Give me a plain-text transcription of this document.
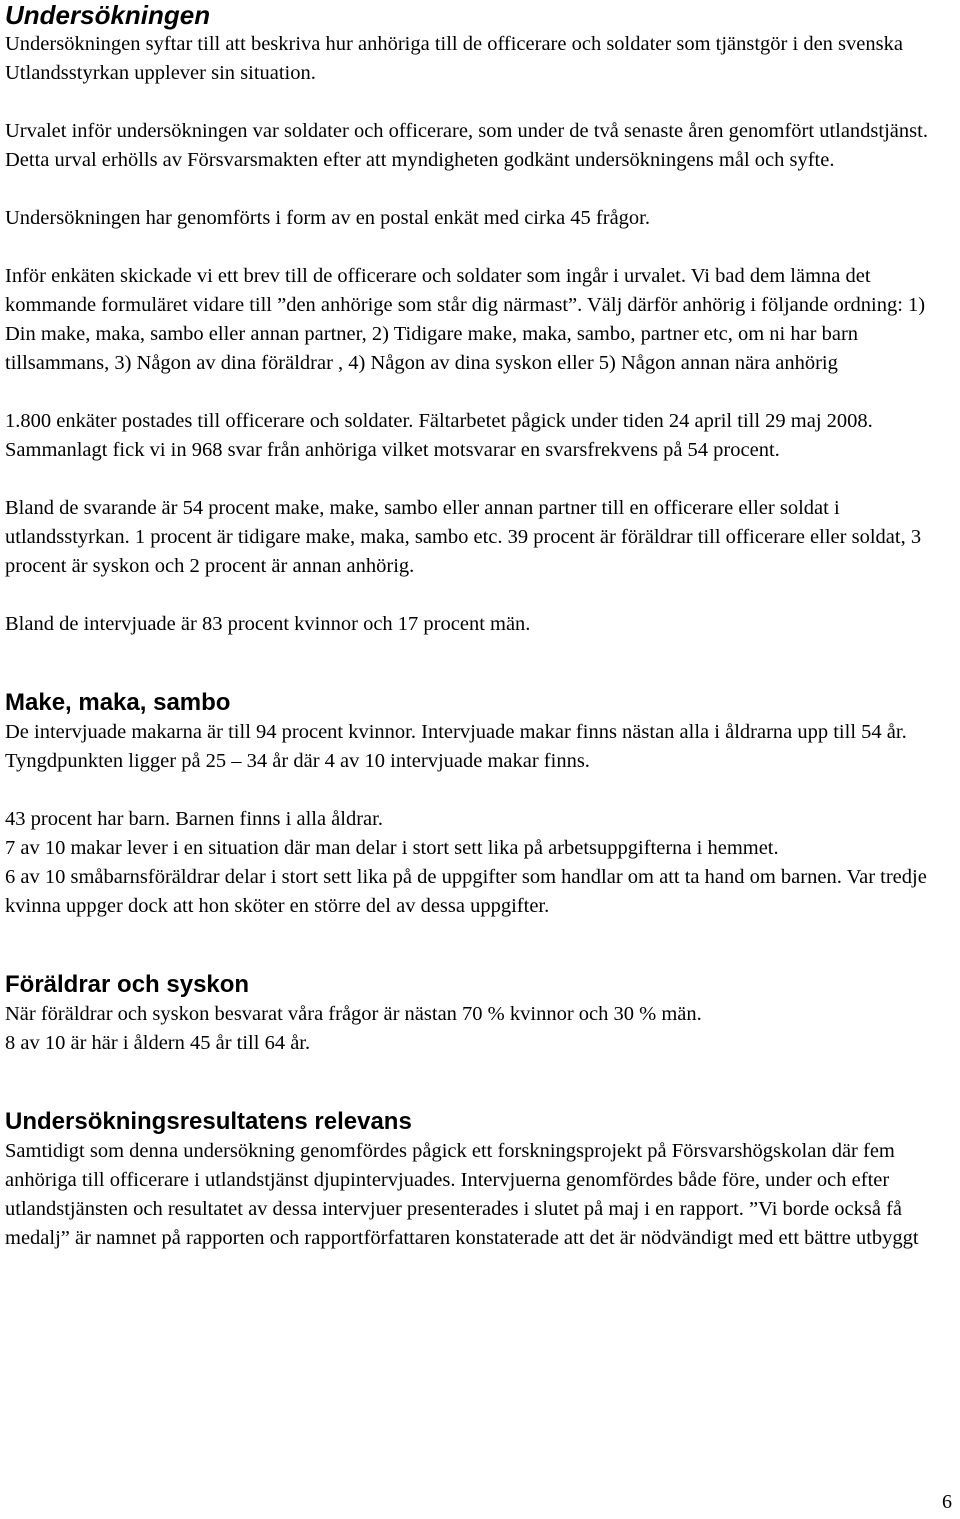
Undersökningen
Undersökningen syftar till att beskriva hur anhöriga till de officerare och soldater som tjänstgör i den svenska Utlandsstyrkan upplever sin situation.
Urvalet inför undersökningen var soldater och officerare, som under de två senaste åren genomfört utlandstjänst. Detta urval erhölls av Försvarsmakten efter att myndigheten godkänt undersökningens mål och syfte.
Undersökningen har genomförts i form av en postal enkät med cirka 45 frågor.
Inför enkäten skickade vi ett brev till de officerare och soldater som ingår i urvalet. Vi bad dem lämna det kommande formuläret vidare till ”den anhörige som står dig närmast”. Välj därför anhörig i följande ordning: 1) Din make, maka, sambo eller annan partner, 2) Tidigare make, maka, sambo, partner etc, om ni har barn tillsammans, 3) Någon av dina föräldrar , 4) Någon av dina syskon eller 5) Någon annan nära anhörig
1.800 enkäter postades till officerare och soldater. Fältarbetet pågick under tiden 24 april till 29 maj 2008. Sammanlagt fick vi in 968 svar från anhöriga vilket motsvarar en svarsfrekvens på 54 procent.
Bland de svarande är 54 procent make, make, sambo eller annan partner till en officerare eller soldat i utlandsstyrkan. 1 procent är tidigare make, maka, sambo etc. 39 procent är föräldrar till officerare eller soldat, 3 procent är syskon och 2 procent är annan anhörig.
Bland de intervjuade är 83 procent kvinnor och 17 procent män.
Make, maka, sambo
De intervjuade makarna är till 94 procent kvinnor. Intervjuade makar finns nästan alla i åldrarna upp till 54 år. Tyngdpunkten ligger på 25 – 34 år där 4 av 10 intervjuade makar finns.
43 procent har barn. Barnen finns i alla åldrar.
7 av 10 makar lever i en situation där man delar i stort sett lika på arbetsuppgifterna i hemmet.
6 av 10 småbarnsföräldrar delar i stort sett lika på de uppgifter som handlar om att ta hand om barnen. Var tredje kvinna uppger dock att hon sköter en större del av dessa uppgifter.
Föräldrar och syskon
När föräldrar och syskon besvarat våra frågor är nästan 70 % kvinnor och 30 % män.
8 av 10 är här i åldern 45 år till 64 år.
Undersökningsresultatens relevans
Samtidigt som denna undersökning genomfördes pågick ett forskningsprojekt på Försvarshögskolan där fem anhöriga till officerare i utlandstjänst djupintervjuades. Intervjuerna genomfördes både före, under och efter utlandstjänsten och resultatet av dessa intervjuer presenterades i slutet på maj i en rapport. ”Vi borde också få medalj” är namnet på rapporten och rapportförfattaren konstaterade att det är nödvändigt med ett bättre utbyggt
6
